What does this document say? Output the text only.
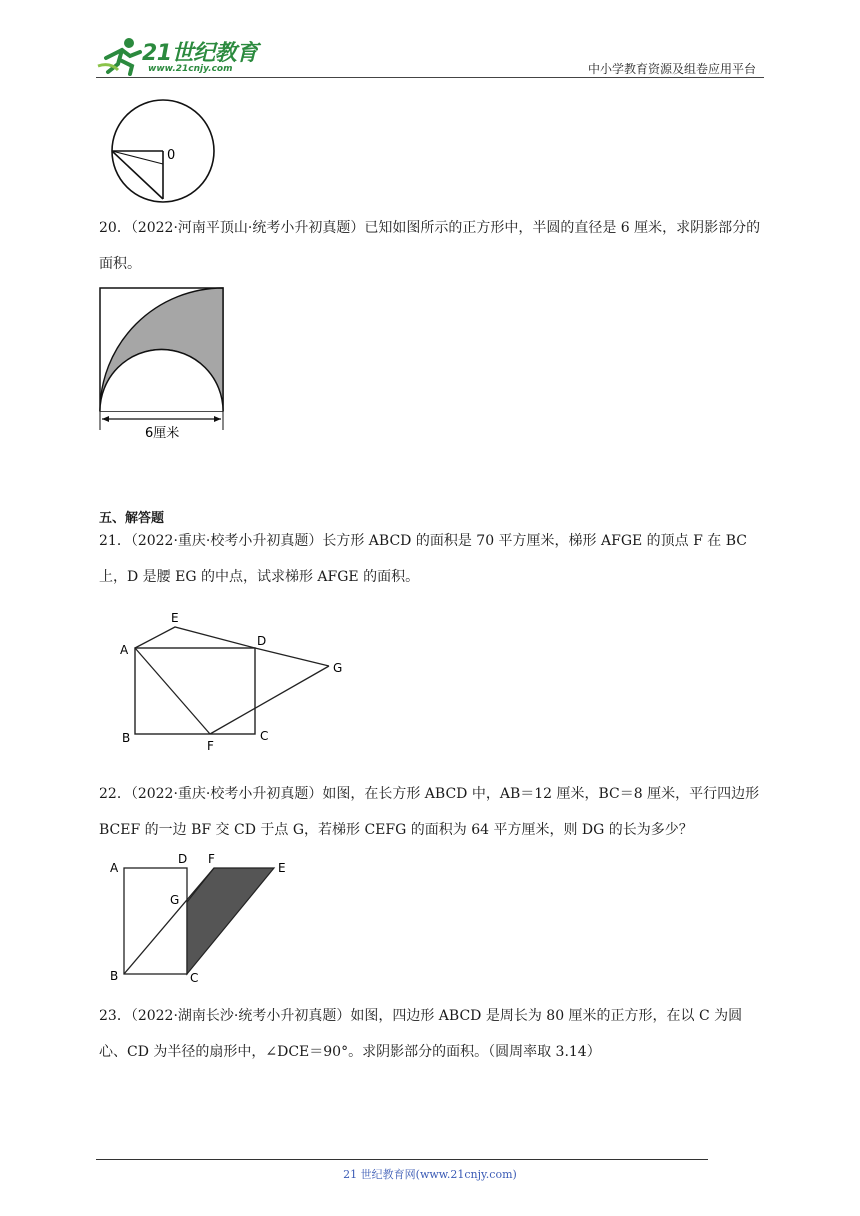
21世纪教育
www.21cnjy.com	中小学教育资源及组卷应用平台
0
20．（2022·河南平顶山·统考小升初真题）已知如图所示的正方形中，半圆的直径是 6 厘米，求阴影部分的面积。
6厘米
五、解答题
21．（2022·重庆·校考小升初真题）长方形 ABCD 的面积是 70 平方厘米，梯形 AFGE 的顶点 F 在 BC 上，D 是腰 EG 的中点，试求梯形 AFGE 的面积。
A
E
D
G
B
F
C
22．（2022·重庆·校考小升初真题）如图，在长方形 ABCD 中，AB＝12 厘米，BC＝8 厘米，平行四边形 BCEF 的一边 BF 交 CD 于点 G，若梯形 CEFG 的面积为 64 平方厘米，则 DG 的长为多少？
A
D F
E
G
B	C
23．（2022·湖南长沙·统考小升初真题）如图，四边形 ABCD 是周长为 80 厘米的正方形，在以 C 为圆心、CD 为半径的扇形中，∠DCE＝90°。求阴影部分的面积。（圆周率取 3.14）
21 世纪教育网(www.21cnjy.com)
